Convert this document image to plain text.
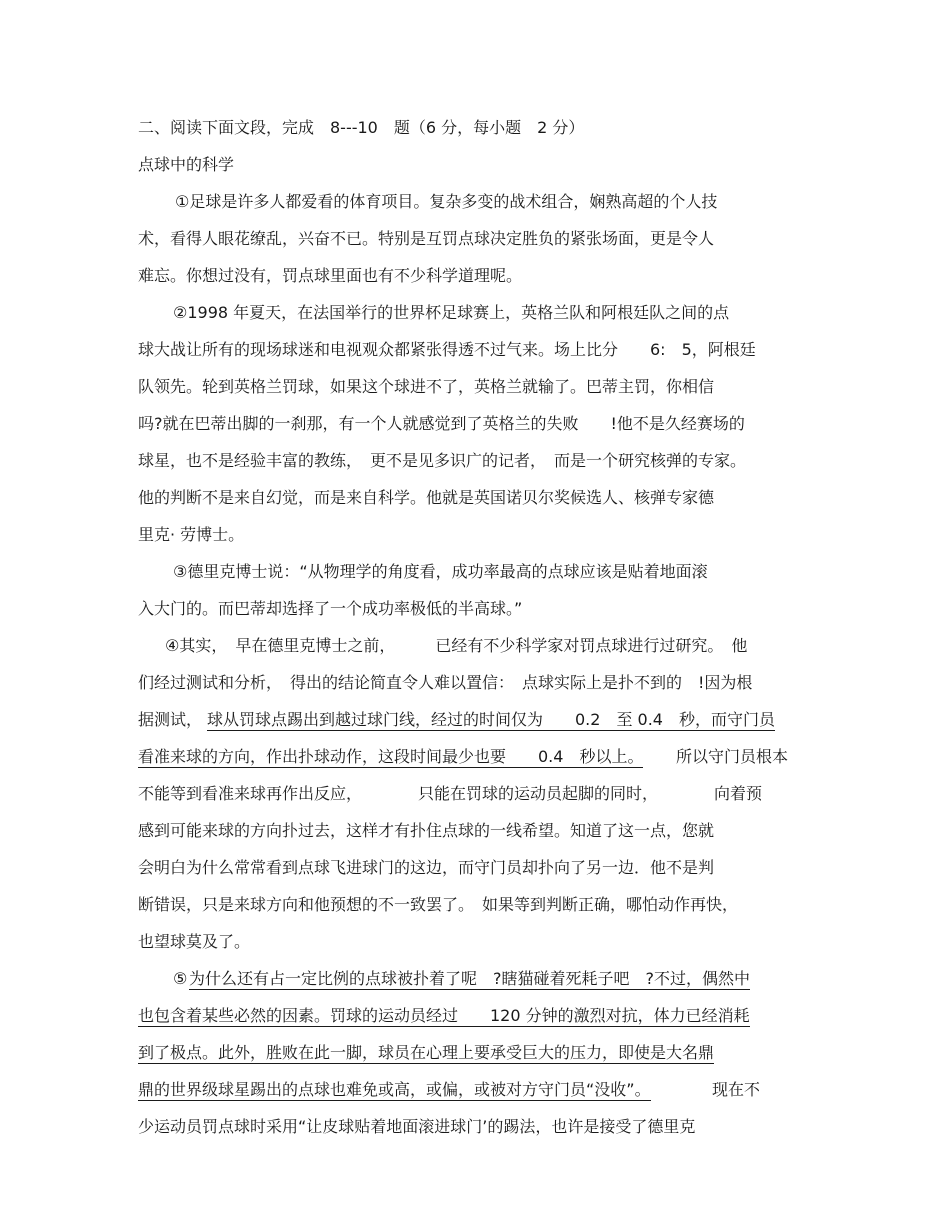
二、阅读下面文段，完成　8---10　题（6 分，每小题　2 分）
点球中的科学
①足球是许多人都爱看的体育项目。复杂多变的战术组合，娴熟高超的个人技
术，看得人眼花缭乱，兴奋不已。特别是互罚点球决定胜负的紧张场面，更是令人
难忘。你想过没有，罚点球里面也有不少科学道理呢。
②1998 年夏天，在法国举行的世界杯足球赛上，英格兰队和阿根廷队之间的点
球大战让所有的现场球迷和电视观众都紧张得透不过气来。场上比分　　6:　5，阿根廷
队领先。轮到英格兰罚球，如果这个球进不了，英格兰就输了。巴蒂主罚，你相信
吗?就在巴蒂出脚的一刹那，有一个人就感觉到了英格兰的失败　　!他不是久经赛场的
球星，也不是经验丰富的教练，　更不是见多识广的记者，　而是一个研究核弹的专家。
他的判断不是来自幻觉，而是来自科学。他就是英国诺贝尔奖候选人、核弹专家德
里克· 劳博士。
③德里克博士说：“从物理学的角度看，成功率最高的点球应该是贴着地面滚
入大门的。而巴蒂却选择了一个成功率极低的半高球。”
④其实，　早在德里克博士之前，　　　已经有不少科学家对罚点球进行过研究。　他
们经过测试和分析，　得出的结论简直令人难以置信：　点球实际上是扑不到的　!因为根
据测试， 球从罚球点踢出到越过球门线，经过的时间仅为　　0.2　至 0.4　秒，而守门员
看准来球的方向，作出扑球动作，这段时间最少也要　　0.4　秒以上。 所以守门员根本
不能等到看准来球再作出反应，　　　　只能在罚球的运动员起脚的同时，　　　　向着预
感到可能来球的方向扑过去，这样才有扑住点球的一线希望。知道了这一点，您就
会明白为什么常常看到点球飞进球门的这边，而守门员却扑向了另一边．他不是判
断错误，只是来球方向和他预想的不一致罢了。　如果等到判断正确，哪怕动作再快，
也望球莫及了。
⑤ 为什么还有占一定比例的点球被扑着了呢　?瞎猫碰着死耗子吧　?不过，偶然中
也包含着某些必然的因素。罚球的运动员经过　　120 分钟的激烈对抗，体力已经消耗
到了极点。此外，胜败在此一脚，球员在心理上要承受巨大的压力，即使是大名鼎
鼎的世界级球星踢出的点球也难免或高，或偏，或被对方守门员“没收”。	现在不
少运动员罚点球时采用“让皮球贴着地面滚进球门’的踢法，也许是接受了德里克
